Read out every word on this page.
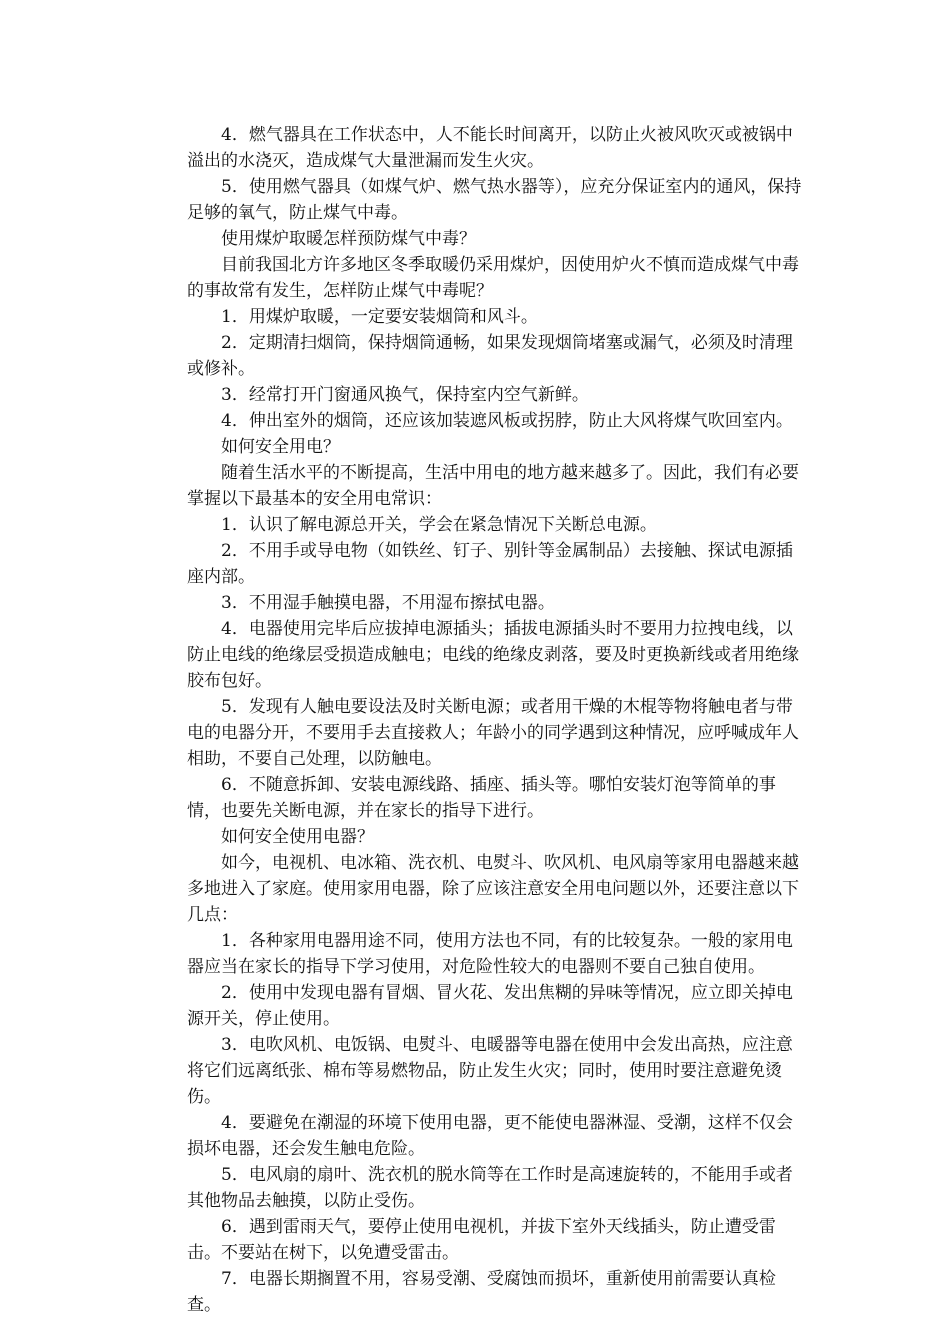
4．燃气器具在工作状态中，人不能长时间离开，以防止火被风吹灭或被锅中溢出的水浇灭，造成煤气大量泄漏而发生火灾。

5．使用燃气器具（如煤气炉、燃气热水器等），应充分保证室内的通风，保持足够的氧气，防止煤气中毒。

使用煤炉取暖怎样预防煤气中毒？

目前我国北方许多地区冬季取暖仍采用煤炉，因使用炉火不慎而造成煤气中毒的事故常有发生，怎样防止煤气中毒呢？

1．用煤炉取暖，一定要安装烟筒和风斗。

2．定期清扫烟筒，保持烟筒通畅，如果发现烟筒堵塞或漏气，必须及时清理或修补。

3．经常打开门窗通风换气，保持室内空气新鲜。

4．伸出室外的烟筒，还应该加装遮风板或拐脖，防止大风将煤气吹回室内。

如何安全用电？

随着生活水平的不断提高，生活中用电的地方越来越多了。因此，我们有必要掌握以下最基本的安全用电常识：

1．认识了解电源总开关，学会在紧急情况下关断总电源。

2．不用手或导电物（如铁丝、钉子、别针等金属制品）去接触、探试电源插座内部。

3．不用湿手触摸电器，不用湿布擦拭电器。

4．电器使用完毕后应拔掉电源插头；插拔电源插头时不要用力拉拽电线，以防止电线的绝缘层受损造成触电；电线的绝缘皮剥落，要及时更换新线或者用绝缘胶布包好。

5．发现有人触电要设法及时关断电源；或者用干燥的木棍等物将触电者与带电的电器分开，不要用手去直接救人；年龄小的同学遇到这种情况，应呼喊成年人相助，不要自己处理，以防触电。

6．不随意拆卸、安装电源线路、插座、插头等。哪怕安装灯泡等简单的事情，也要先关断电源，并在家长的指导下进行。

如何安全使用电器？

如今，电视机、电冰箱、洗衣机、电熨斗、吹风机、电风扇等家用电器越来越多地进入了家庭。使用家用电器，除了应该注意安全用电问题以外，还要注意以下几点：

1．各种家用电器用途不同，使用方法也不同，有的比较复杂。一般的家用电器应当在家长的指导下学习使用，对危险性较大的电器则不要自己独自使用。

2．使用中发现电器有冒烟、冒火花、发出焦糊的异味等情况，应立即关掉电源开关，停止使用。

3．电吹风机、电饭锅、电熨斗、电暖器等电器在使用中会发出高热，应注意将它们远离纸张、棉布等易燃物品，防止发生火灾；同时，使用时要注意避免烫伤。

4．要避免在潮湿的环境下使用电器，更不能使电器淋湿、受潮，这样不仅会损坏电器，还会发生触电危险。

5．电风扇的扇叶、洗衣机的脱水筒等在工作时是高速旋转的，不能用手或者其他物品去触摸，以防止受伤。

6．遇到雷雨天气，要停止使用电视机，并拔下室外天线插头，防止遭受雷击。不要站在树下，以免遭受雷击。

7．电器长期搁置不用，容易受潮、受腐蚀而损坏，重新使用前需要认真检查。
